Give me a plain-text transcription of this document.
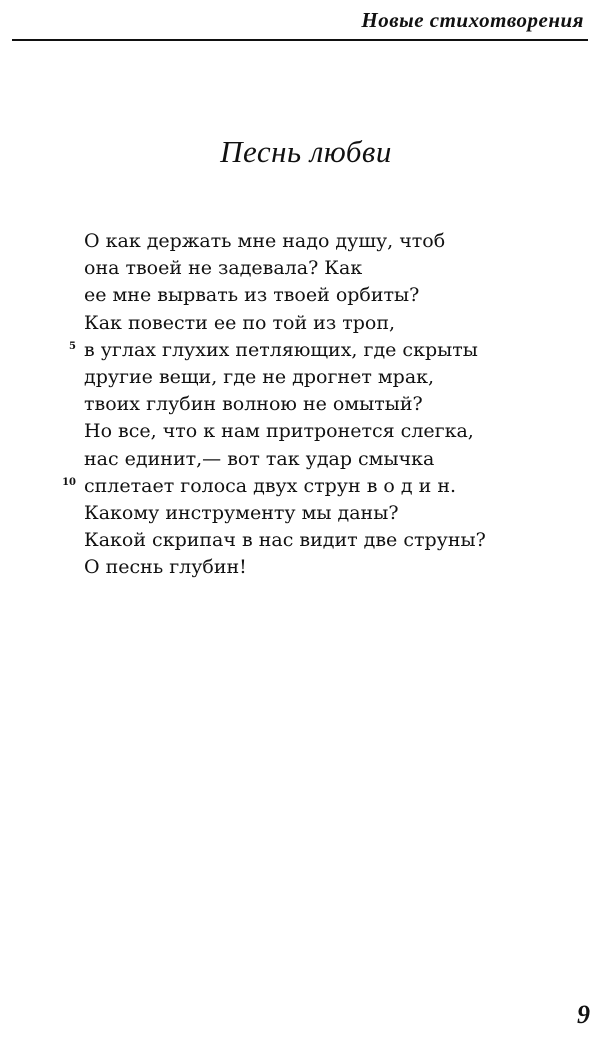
Новые стихотворения
Песнь любви
О как держать мне надо душу, чтоб
она твоей не задевала? Как
ее мне вырвать из твоей орбиты?
Как повести ее по той из троп,
5 в углах глухих петляющих, где скрыты
другие вещи, где не дрогнет мрак,
твоих глубин волною не омытый?
Но все, что к нам притронется слегка,
нас единит,— вот так удар смычка
10 сплетает голоса двух струн в о д и н.
Какому инструменту мы даны?
Какой скрипач в нас видит две струны?
О песнь глубин!
9
